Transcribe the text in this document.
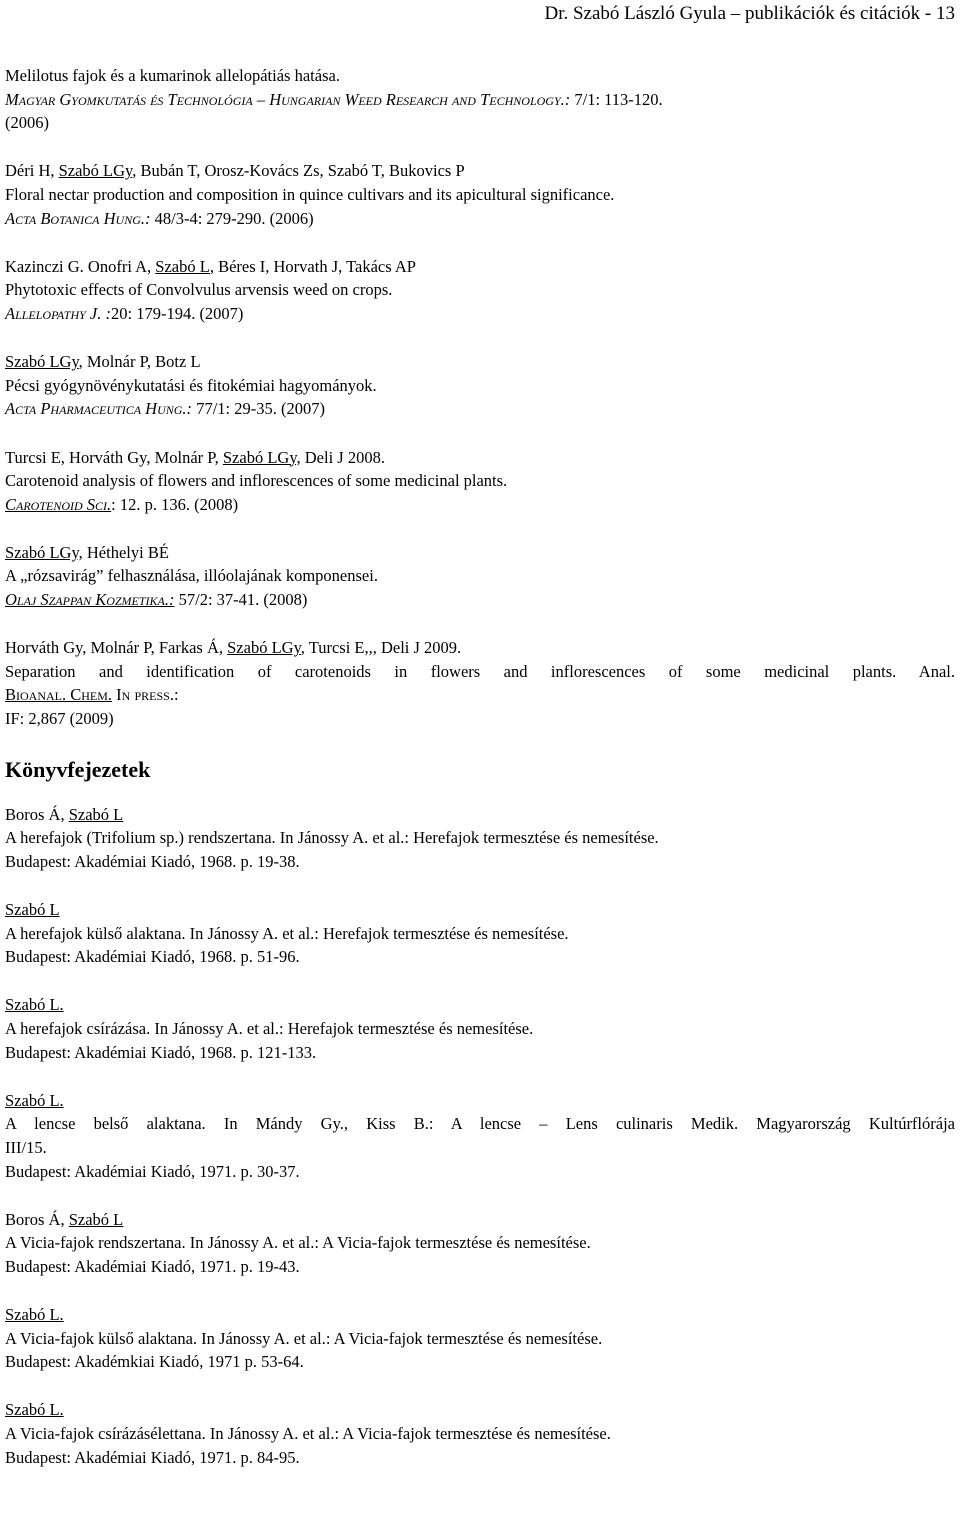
Dr. Szabó László Gyula – publikációk és citációk - 13
Melilotus fajok és a kumarinok allelopátiás hatása.
Magyar Gyomkutatás és Technológia – Hungarian Weed Research and Technology.: 7/1: 113-120.
(2006)
Déri H, Szabó LGy, Bubán T, Orosz-Kovács Zs, Szabó T, Bukovics P
Floral nectar production and composition in quince cultivars and its apicultural significance.
Acta Botanica Hung.: 48/3-4: 279-290. (2006)
Kazinczi G. Onofri A, Szabó L, Béres I, Horvath J, Takács AP
Phytotoxic effects of Convolvulus arvensis weed on crops.
Allelopathy J. :20: 179-194. (2007)
Szabó LGy, Molnár P, Botz L
Pécsi gyógynövénykutatási és fitokémiai hagyományok.
Acta Pharmaceutica Hung.: 77/1: 29-35. (2007)
Turcsi E, Horváth Gy, Molnár P, Szabó LGy, Deli J 2008.
Carotenoid analysis of flowers and inflorescences of some medicinal plants.
Carotenoid Sci.: 12. p. 136. (2008)
Szabó LGy, Héthelyi BÉ
A „rózsavirág” felhasználása, illóolajának komponensei.
Olaj Szappan Kozmetika.: 57/2: 37-41. (2008)
Horváth Gy, Molnár P, Farkas Á, Szabó LGy, Turcsi E,,, Deli J 2009.
Separation and identification of carotenoids in flowers and inflorescences of some medicinal plants. Anal.
Bioanal. Chem. In press.:
IF: 2,867 (2009)
Könyvfejezetek
Boros Á, Szabó L
A herefajok (Trifolium sp.) rendszertana. In Jánossy A. et al.: Herefajok termesztése és nemesítése.
Budapest: Akadémiai Kiadó, 1968. p. 19-38.
Szabó L
A herefajok külső alaktana. In Jánossy A. et al.: Herefajok termesztése és nemesítése.
Budapest: Akadémiai Kiadó, 1968. p. 51-96.
Szabó L.
A herefajok csírázása. In Jánossy A. et al.: Herefajok termesztése és nemesítése.
Budapest: Akadémiai Kiadó, 1968. p. 121-133.
Szabó L.
A lencse belső alaktana. In Mándy Gy., Kiss B.: A lencse – Lens culinaris Medik. Magyarország Kultúrflórája
III/15.
Budapest: Akadémiai Kiadó, 1971. p. 30-37.
Boros Á, Szabó L
A Vicia-fajok rendszertana. In Jánossy A. et al.: A Vicia-fajok termesztése és nemesítése.
Budapest: Akadémiai Kiadó, 1971. p. 19-43.
Szabó L.
A Vicia-fajok külső alaktana. In Jánossy A. et al.: A Vicia-fajok termesztése és nemesítése.
Budapest: Akadémkiai Kiadó, 1971 p. 53-64.
Szabó L.
A Vicia-fajok csírázásélettana. In Jánossy A. et al.: A Vicia-fajok termesztése és nemesítése.
Budapest: Akadémiai Kiadó, 1971. p. 84-95.
